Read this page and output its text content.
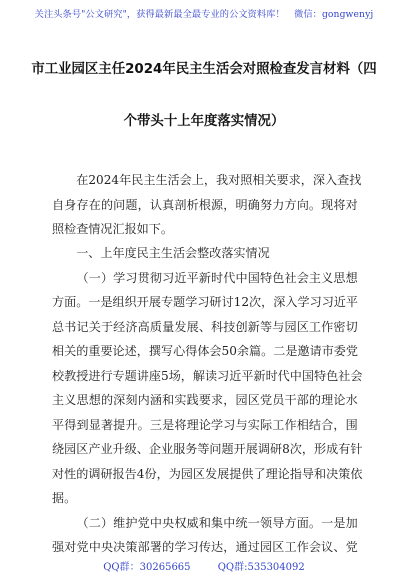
关注头条号"公文研究"，获得最新最全最专业的公文资料库！　微信：gongwenyj
市工业园区主任2024年民主生活会对照检查发言材料（四
个带头十上年度落实情况）

在 2024 年 民 主 生 活 会 上 ， 我 对 照 相 关 要 求 ， 深 入 查 找
自 身 存 在 的 问 题 ， 认 真 剖 析 根 源 ， 明 确 努 力 方 向 。 现 将 对
照检查情况汇报如下。
　　一、上年度民主生活会整改落实情况

（ 一 ） 学 习 贯 彻 习 近 平 新 时 代 中 国 特 色 社 会 主 义 思 想
方 面 。 一 是 组 织 开 展 专 题 学 习 研 讨 12 次 ， 深 入 学 习 习 近 平
总 书 记 关 于 经 济 高 质 量 发 展 、 科 技 创 新 等 与 园 区 工 作 密 切
相 关 的 重 要 论 述 ， 撰 写 心 得 体 会 50 余 篇 。 二 是 邀 请 市 委 党
校 教 授 进 行 专 题 讲 座 5 场 ， 解 读 习 近 平 新 时 代 中 国 特 色 社 会
主 义 思 想 的 深 刻 内 涵 和 实 践 要 求 ， 园 区 党 员 干 部 的 理 论 水
平 得 到 显 著 提 升 。 三 是 将 理 论 学 习 与 实 际 工 作 相 结 合 ， 围
绕 园 区 产 业 升 级 、 企 业 服 务 等 问 题 开 展 调 研 8 次 ， 形 成 有 针
对 性 的 调 研 报 告 4 份 ， 为 园 区 发 展 提 供 了 理 论 指 导 和 决 策 依
据。

（ 二 ） 维 护 党 中 央 权 威 和 集 中 统 一 领 导 方 面 。 一 是 加
强 对 党 中 央 决 策 部 署 的 学 习 传 达 ， 通 过 园 区 工 作 会 议 、 党
QQ群：30265665	QQ群:535304092
